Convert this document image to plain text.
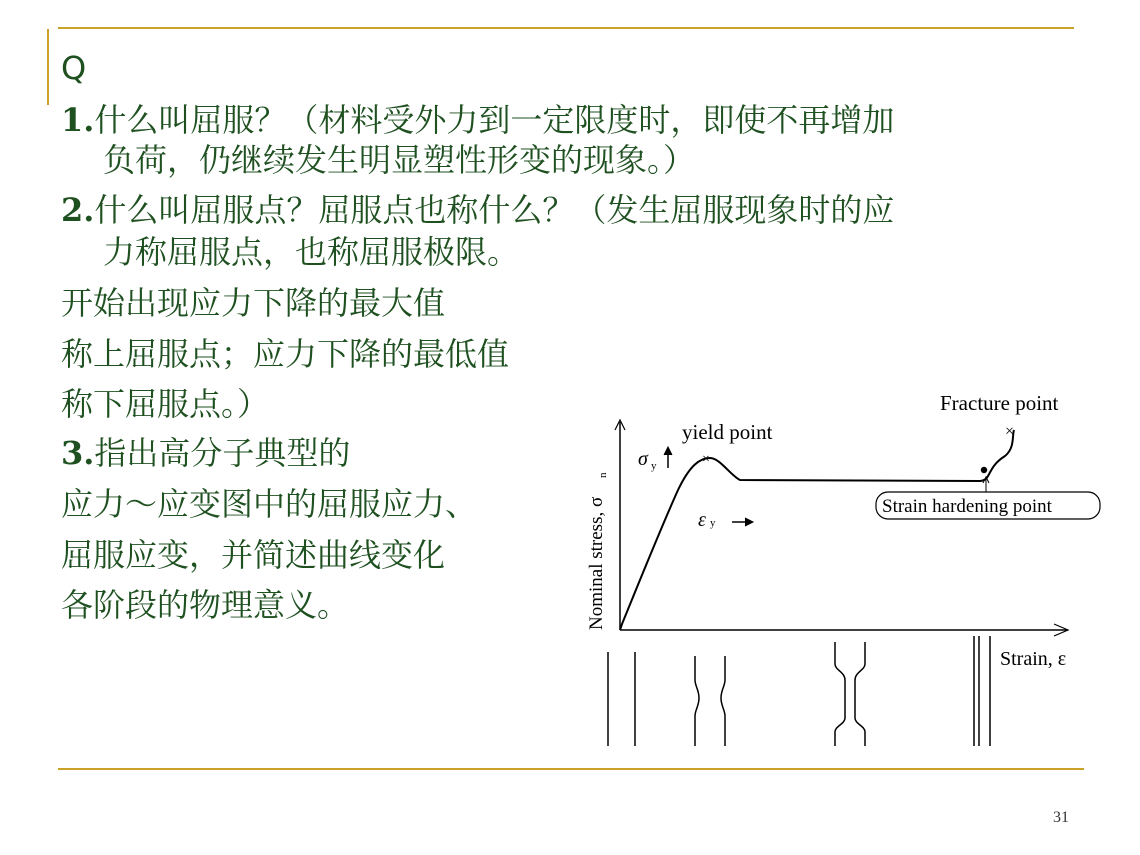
Q
1.什么叫屈服？（材料受外力到一定限度时，即使不再增加
负荷，仍继续发生明显塑性形变的现象。）
2.什么叫屈服点？屈服点也称什么？（发生屈服现象时的应
力称屈服点，也称屈服极限。
开始出现应力下降的最大值
称上屈服点；应力下降的最低值
称下屈服点。）
3.指出高分子典型的
应力～应变图中的屈服应力、
屈服应变，并简述曲线变化
各阶段的物理意义。
×
×
Fracture point
yield point
σ y
ε y
Strain hardening point
Nominal stress, σ
n
Strain, ε
31
